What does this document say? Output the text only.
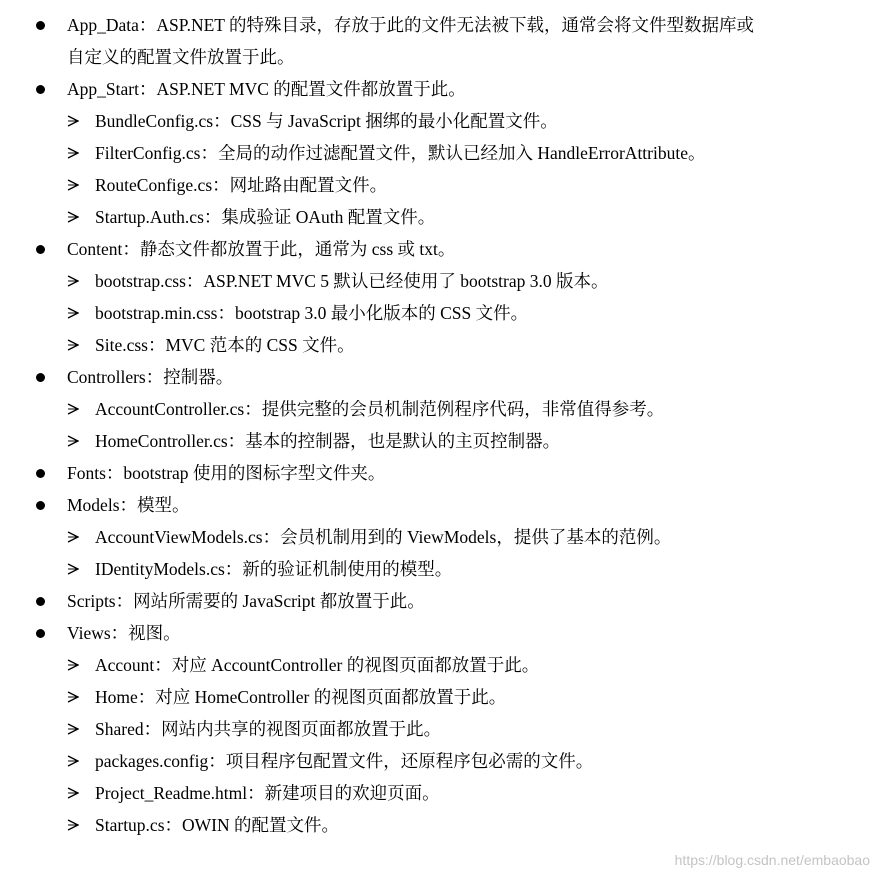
App_Data：ASP.NET 的特殊目录，存放于此的文件无法被下载，通常会将文件型数据库或
自定义的配置文件放置于此。
App_Start：ASP.NET MVC 的配置文件都放置于此。
BundleConfig.cs：CSS 与 JavaScript 捆绑的最小化配置文件。
FilterConfig.cs：全局的动作过滤配置文件，默认已经加入 HandleErrorAttribute。
RouteConfige.cs：网址路由配置文件。
Startup.Auth.cs：集成验证 OAuth 配置文件。
Content：静态文件都放置于此，通常为 css 或 txt。
bootstrap.css：ASP.NET MVC 5 默认已经使用了 bootstrap 3.0 版本。
bootstrap.min.css：bootstrap 3.0 最小化版本的 CSS 文件。
Site.css：MVC 范本的 CSS 文件。
Controllers：控制器。
AccountController.cs：提供完整的会员机制范例程序代码，非常值得参考。
HomeController.cs：基本的控制器，也是默认的主页控制器。
Fonts：bootstrap 使用的图标字型文件夹。
Models：模型。
AccountViewModels.cs：会员机制用到的 ViewModels，提供了基本的范例。
IDentityModels.cs：新的验证机制使用的模型。
Scripts：网站所需要的 JavaScript 都放置于此。
Views：视图。
Account：对应 AccountController 的视图页面都放置于此。
Home：对应 HomeController 的视图页面都放置于此。
Shared：网站内共享的视图页面都放置于此。
packages.config：项目程序包配置文件，还原程序包必需的文件。
Project_Readme.html：新建项目的欢迎页面。
Startup.cs：OWIN 的配置文件。
https://blog.csdn.net/embaobao
